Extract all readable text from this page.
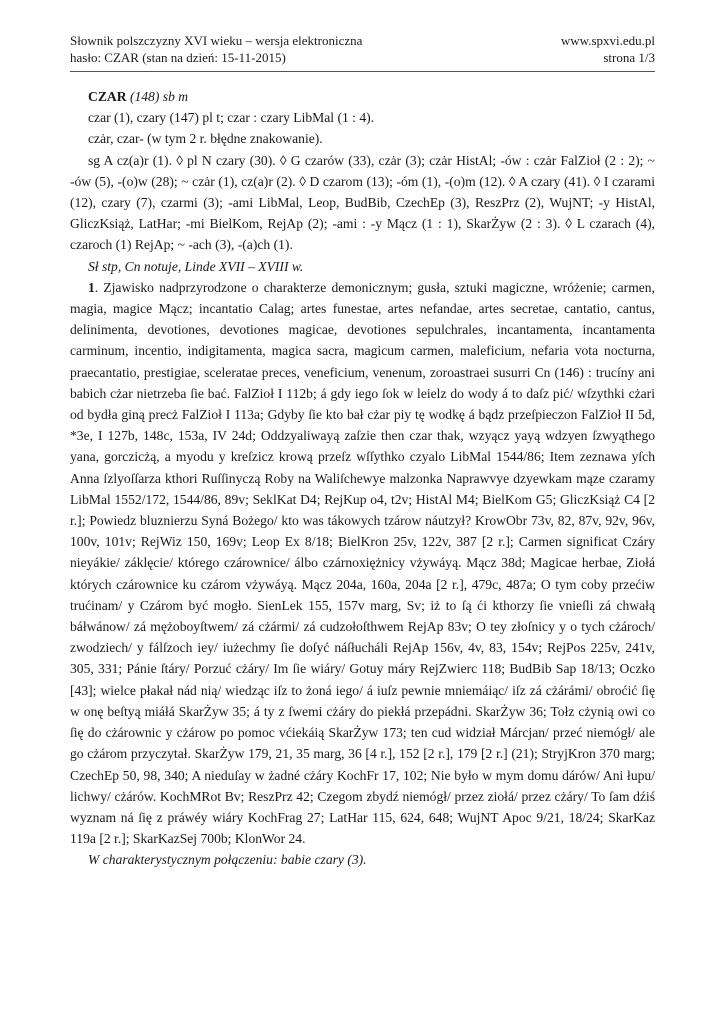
Słownik polszczyzny XVI wieku – wersja elektroniczna	www.spxvi.edu.pl
hasło: CZAR (stan na dzień: 15-11-2015)	strona 1/3

CZAR (148) sb m

czar (1), czary (147) pl t; czar : czary LibMal (1 : 4).

czȧr, czar- (w tym 2 r. błędne znakowanie).

sg A cz(a)r (1). ◊ pl N czary (30). ◊ G czarów (33), czȧr (3); czȧr HistAl; -ów : czȧr FalZioł (2 : 2); ~ -ów (5), -(o)w (28); ~ czȧr (1), cz(a)r (2). ◊ D czarom (13); -óm (1), -(o)m (12). ◊ A czary (41). ◊ I czarami (12), czary (7), czarmi (3); -ami LibMal, Leop, BudBib, CzechEp (3), ReszPrz (2), WujNT; -y HistAl, GliczKsiąż, LatHar; -mi BielKom, RejAp (2); -ami : -y Mącz (1 : 1), SkarŻyw (2 : 3). ◊ L czarach (4), czaroch (1) RejAp; ~ -ach (3), -(a)ch (1).

Sł stp, Cn notuje, Linde XVII – XVIII w.

1. Zjawisko nadprzyrodzone o charakterze demonicznym; gusła, sztuki magiczne, wróżenie; carmen, magia, magice Mącz; incantatio Calag; artes funestae, artes nefandae, artes secretae, cantatio, cantus, delinimenta, devotiones, devotiones magicae, devotiones sepulchrales, incantamenta, incantamenta carminum, incentio, indigitamenta, magica sacra, magicum carmen, maleficium, nefaria vota nocturna, praecantatio, prestigiae, sceleratae preces, veneficium, venenum, zoroastraei susurri Cn (146) : trucíny ani babich cżar nietrzeba ſie bać. FalZioł I 112b; á gdy iego ſok w leielz do wody á to daſz pić/ wſzythki cżari od bydła giną precż FalZioł I 113a; Gdyby ſie kto bał cżar piy tę wodkę á bądz przeſpieczon FalZioł II 5d, *3e, I 127b, 148c, 153a, IV 24d; Oddzyaliwayą zaſzie then czar thak, wzyącz yayą wdzyen ſzwyąthego yana, gorczicżą, a myodu y kreſzicz krową przeſz wſſythko czyalo LibMal 1544/86; Item zeznawa yſch Anna ſzlyoſſarza kthori Ruſſinyczą Roby na Waliſchewye malzonka Naprawvye dzyewkam mąze czaramy LibMal 1552/172, 1544/86, 89v; SeklKat D4; RejKup o4, t2v; HistAl M4; BielKom G5; GliczKsiąż C4 [2 r.]; Powiedz bluznierzu Syná Bożego/ kto was tákowych tzárow náutzył? KrowObr 73v, 82, 87v, 92v, 96v, 100v, 101v; RejWiz 150, 169v; Leop Ex 8/18; BielKron 25v, 122v, 387 [2 r.]; Carmen significat Czáry nieyákie/ záklęcie/ którego czárownice/ álbo czárnoxiężnicy vżywáyą. Mącz 38d; Magicae herbae, Ziołá których czárownice ku czárom vżywáyą. Mącz 204a, 160a, 204a [2 r.], 479c, 487a; O tym coby przećiw trućinam/ y Czárom być mogło. SienLek 155, 157v marg, Sv; iż to ſą ći kthorzy ſie vnieſli zá chwałą báłwánow/ zá mężoboyſtwem/ zá cżármi/ zá cudzołoſthwem RejAp 83v; O tey złoſnicy y o tych cżároch/ zwodziech/ y fálſzoch iey/ iużechmy ſie doſyć náſłucháli RejAp 156v, 4v, 83, 154v; RejPos 225v, 241v, 305, 331; Pánie ſtáry/ Porzuć cżáry/ Im ſie wiáry/ Gotuy máry RejZwierc 118; BudBib Sap 18/13; Oczko [43]; wielce płakał nád nią/ wiedząc iſz to żoná iego/ á iuſz pewnie mniemáiąc/ iſz zá cżárámi/ obroćić ſię w onę beſtyą miáłá SkarŻyw 35; á ty z ſwemi cżáry do piekłá przepádni. SkarŻyw 36; Tołz cżynią owi co ſię do cżárownic y cżárow po pomoc vćiekáią SkarŻyw 173; ten cud widział Márcjan/ przeć niemógł/ ale go cżárom przyczytał. SkarŻyw 179, 21, 35 marg, 36 [4 r.], 152 [2 r.], 179 [2 r.] (21); StryjKron 370 marg; CzechEp 50, 98, 340; A nieduſay w żadné cżáry KochFr 17, 102; Nie było w mym domu dárów/ Ani łupu/ lichwy/ cżárów. KochMRot Bv; ReszPrz 42; Czegom zbydź niemógł/ przez ziołá/ przez cżáry/ To ſam dźiś wyznam ná ſię z práwéy wiáry KochFrag 27; LatHar 115, 624, 648; WujNT Apoc 9/21, 18/24; SkarKaz 119a [2 r.]; SkarKazSej 700b; KlonWor 24.

W charakterystycznym połączeniu: babie czary (3).
